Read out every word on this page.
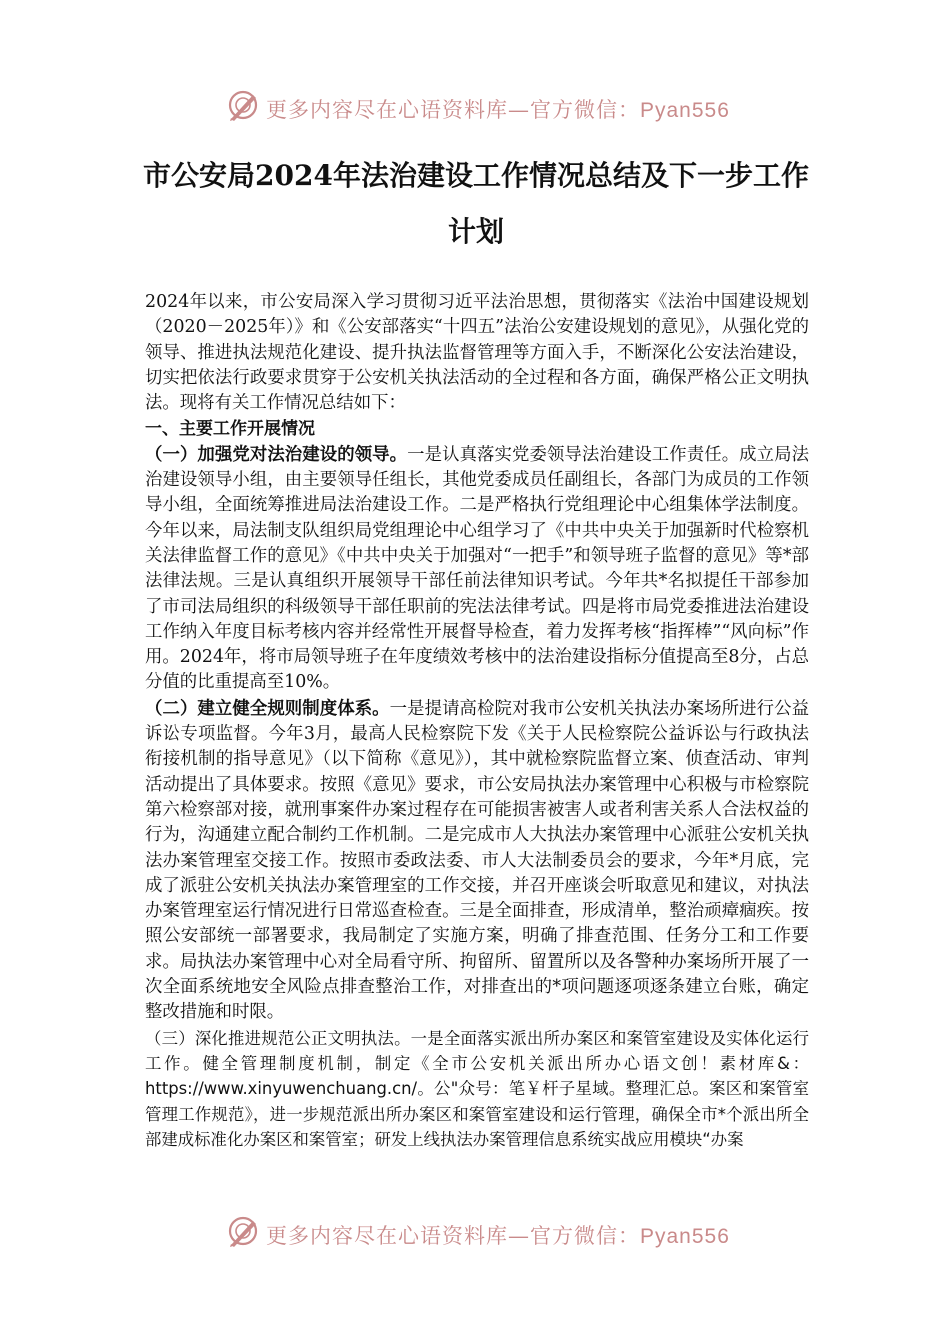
更多内容尽在心语资料库—官方微信：Pyan556
市公安局2024年法治建设工作情况总结及下一步工作计划

2024年以来，市公安局深入学习贯彻习近平法治思想，贯彻落实《法治中国建设规划（2020－2025年）》和《公安部落实“十四五”法治公安建设规划的意见》，从强化党的领导、推进执法规范化建设、提升执法监督管理等方面入手，不断深化公安法治建设，切实把依法行政要求贯穿于公安机关执法活动的全过程和各方面，确保严格公正文明执法。现将有关工作情况总结如下：

一、主要工作开展情况

（一）加强党对法治建设的领导。一是认真落实党委领导法治建设工作责任。成立局法治建设领导小组，由主要领导任组长，其他党委成员任副组长，各部门为成员的工作领导小组，全面统筹推进局法治建设工作。二是严格执行党组理论中心组集体学法制度。今年以来，局法制支队组织局党组理论中心组学习了《中共中央关于加强新时代检察机关法律监督工作的意见》《中共中央关于加强对“一把手”和领导班子监督的意见》等*部法律法规。三是认真组织开展领导干部任前法律知识考试。今年共*名拟提任干部参加了市司法局组织的科级领导干部任职前的宪法法律考试。四是将市局党委推进法治建设工作纳入年度目标考核内容并经常性开展督导检查，着力发挥考核“指挥棒”“风向标”作用。2024年，将市局领导班子在年度绩效考核中的法治建设指标分值提高至8分，占总分值的比重提高至10%。

（二）建立健全规则制度体系。一是提请高检院对我市公安机关执法办案场所进行公益诉讼专项监督。今年3月，最高人民检察院下发《关于人民检察院公益诉讼与行政执法衔接机制的指导意见》（以下简称《意见》），其中就检察院监督立案、侦查活动、审判活动提出了具体要求。按照《意见》要求，市公安局执法办案管理中心积极与市检察院第六检察部对接，就刑事案件办案过程存在可能损害被害人或者利害关系人合法权益的行为，沟通建立配合制约工作机制。二是完成市人大执法办案管理中心派驻公安机关执法办案管理室交接工作。按照市委政法委、市人大法制委员会的要求，今年*月底，完成了派驻公安机关执法办案管理室的工作交接，并召开座谈会听取意见和建议，对执法办案管理室运行情况进行日常巡查检查。三是全面排查，形成清单，整治顽瘴痼疾。按照公安部统一部署要求，我局制定了实施方案，明确了排查范围、任务分工和工作要求。局执法办案管理中心对全局看守所、拘留所、留置所以及各警种办案场所开展了一次全面系统地安全风险点排查整治工作，对排查出的*项问题逐项逐条建立台账，确定整改措施和时限。

（三）深化推进规范公正文明执法。一是全面落实派出所办案区和案管室建设及实体化运行工作。健全管理制度机制，制定《全市公安机关派出所办心语文创！素材库&：https://www.xinyuwenchuang.cn/。公"众号：笔￥杆子星域。整理汇总。案区和案管室管理工作规范》，进一步规范派出所办案区和案管室建设和运行管理，确保全市*个派出所全部建成标准化办案区和案管室；研发上线执法办案管理信息系统实战应用模块“办案

更多内容尽在心语资料库—官方微信：Pyan556
